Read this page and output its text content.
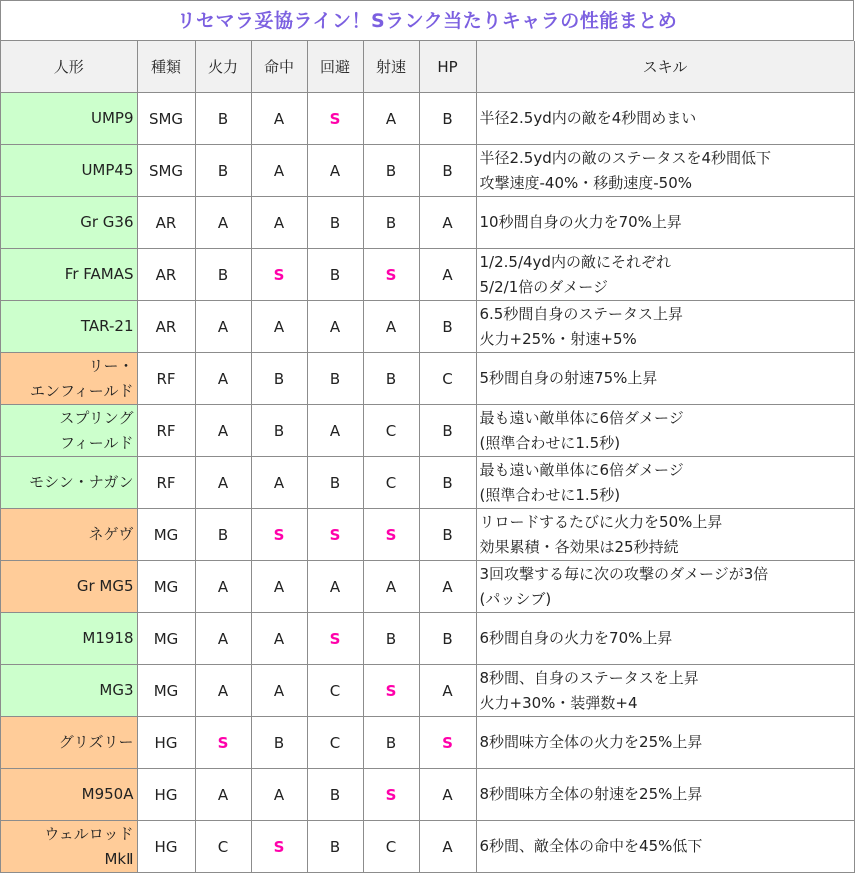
リセマラ妥協ライン！Sランク当たりキャラの性能まとめ
人形	種類	火力	命中	回避	射速	HP	スキル

UMP9	SMG	B	A	S	A	B	半径2.5yd内の敵を4秒間めまい

UMP45	SMG	B	A	A	B	B	半径2.5yd内の敵のステータスを4秒間低下
攻撃速度-40%・移動速度-50%

Gr G36	AR	A	A	B	B	A	10秒間自身の火力を70%上昇

Fr FAMAS	AR	B	S	B	S	A	1/2.5/4yd内の敵にそれぞれ
5/2/1倍のダメージ

TAR-21	AR	A	A	A	A	B	6.5秒間自身のステータス上昇
火力+25%・射速+5%

リー・
エンフィールド	RF	A	B	B	B	C	5秒間自身の射速75%上昇

スプリング
フィールド	RF	A	B	A	C	B	最も遠い敵単体に6倍ダメージ
(照準合わせに1.5秒)

モシン・ナガン	RF	A	A	B	C	B	最も遠い敵単体に6倍ダメージ
(照準合わせに1.5秒)

ネゲヴ	MG	B	S	S	S	B	リロードするたびに火力を50%上昇
効果累積・各効果は25秒持続

Gr MG5	MG	A	A	A	A	A	3回攻撃する毎に次の攻撃のダメージが3倍
(パッシブ)

M1918	MG	A	A	S	B	B	6秒間自身の火力を70%上昇

MG3	MG	A	A	C	S	A	8秒間、自身のステータスを上昇
火力+30%・装弾数+4

グリズリー	HG	S	B	C	B	S	8秒間味方全体の火力を25%上昇

M950A	HG	A	A	B	S	A	8秒間味方全体の射速を25%上昇

ウェルロッド
MkⅡ	HG	C	S	B	C	A	6秒間、敵全体の命中を45%低下
